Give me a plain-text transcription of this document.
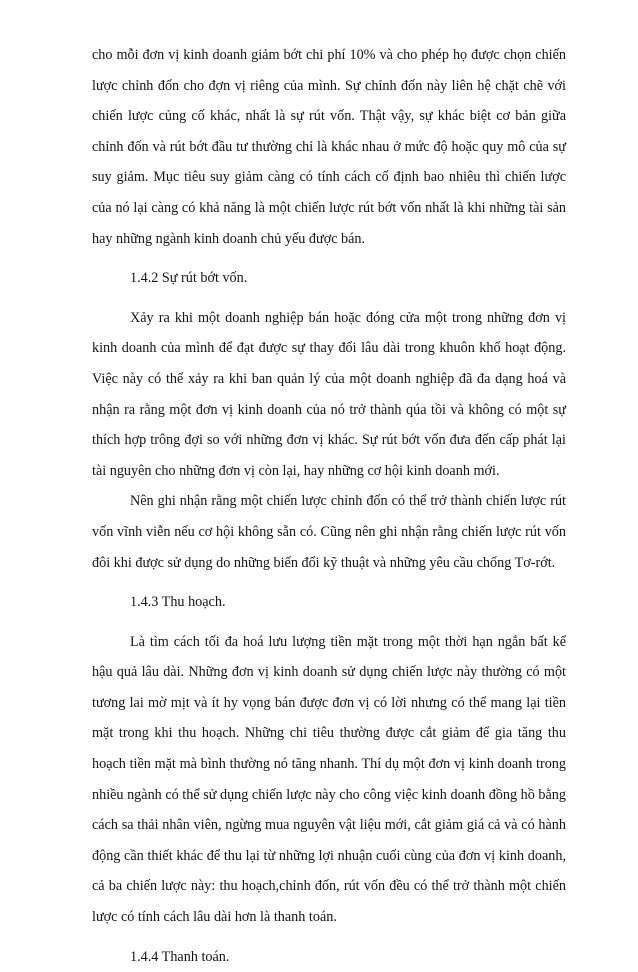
cho mỗi đơn vị kinh doanh giảm bớt chi phí 10% và cho phép họ được chọn chiến lược chỉnh đốn cho đợn vị riêng của mình. Sự chỉnh đốn này liên hệ chặt chẽ với chiến lược củng cố khác, nhất là sự rút vốn. Thật vậy, sự khác biệt cơ bản giữa chỉnh đốn và rút bớt đầu tư thường chỉ là khác nhau ở mức độ hoặc quy mô của sự suy giảm. Mục tiêu suy giảm càng có tính cách cố định bao nhiêu thì chiến lược của nó lại càng có khả năng là một chiến lược rút bớt vốn nhất là khi những tài sản hay những ngành kinh doanh chủ yếu được bán.

1.4.2 Sự rút bớt vốn.

Xảy ra khi một doanh nghiệp bán hoặc đóng cửa một trong những đơn vị kinh doanh của mình để đạt được sự thay đổi lâu dài trong khuôn khổ hoạt động. Việc này có thể xảy ra khi ban quản lý của một doanh nghiệp đã đa dạng hoá và nhận ra rằng một đơn vị kinh doanh của nó trở thành qúa tồi và không có một sự thích hợp trông đợi so với những đơn vị khác. Sự rút bớt vốn đưa đến cấp phát lại tài nguyên cho những đơn vị còn lại, hay những cơ hội kinh doanh mới.

Nên ghi nhận rằng một chiến lược chỉnh đốn có thể trở thành chiến lược rút vốn vĩnh viễn nếu cơ hội không sẵn có. Cũng nên ghi nhận rằng chiến lược rút vốn đôi khi được sử dụng do những biến đổi kỹ thuật và những yêu cầu chống Tơ-rớt.

1.4.3 Thu hoạch.

Là tìm cách tối đa hoá lưu lượng tiền mặt trong một thời hạn ngắn bất kể hậu quả lâu dài. Những đơn vị kinh doanh sử dụng chiến lược này thường có một tương lai mờ mịt và ít hy vọng bán được đơn vị có lời nhưng có thể mang lại tiền mặt trong khi thu hoạch. Những chi tiêu thường được cắt giảm để gia tăng thu hoạch tiền mặt mà bình thường nó tăng nhanh. Thí dụ một đơn vị kinh doanh trong nhiều ngành có thể sử dụng chiến lược này cho công việc kinh doanh đồng hồ bằng cách sa thải nhân viên, ngừng mua nguyên vật liệu mới, cắt giảm giá cả và có hành động cần thiết khác để thu lại từ những lợi nhuận cuối cùng của đơn vị kinh doanh, cả ba chiến lược này: thu hoạch,chỉnh đốn, rút vốn đều có thể trở thành một chiến lược có tính cách lâu dài hơn là thanh toán.

1.4.4 Thanh toán.
